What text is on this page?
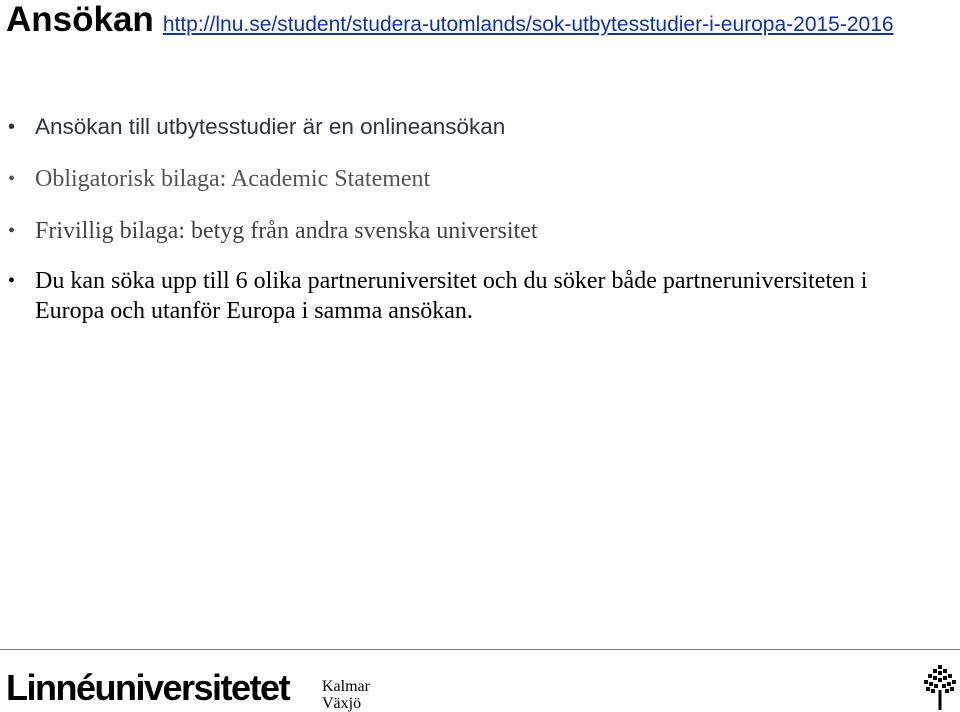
Ansökan http://lnu.se/student/studera-utomlands/sok-utbytesstudier-i-europa-2015-2016
• Ansökan till utbytesstudier är en onlineansökan
• Obligatorisk bilaga: Academic Statement
• Frivillig bilaga: betyg från andra svenska universitet
• Du kan söka upp till 6 olika partneruniversitet och du söker både partneruniversiteten i Europa och utanför Europa i samma ansökan.
Linnéuniversitetet Kalmar
Växjö
